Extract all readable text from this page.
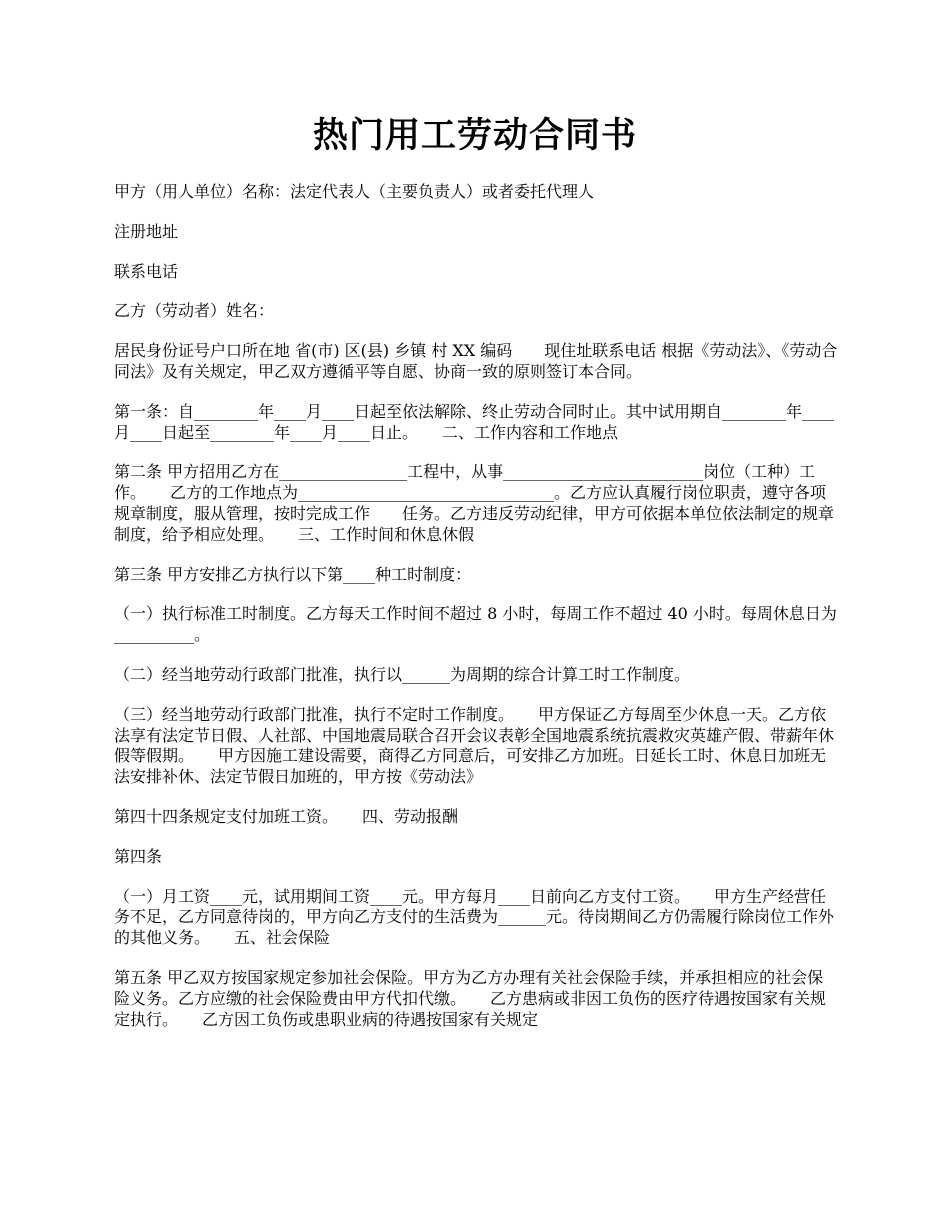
热门用工劳动合同书

甲方（用人单位）名称：法定代表人（主要负责人）或者委托代理人

注册地址

联系电话

乙方（劳动者）姓名：

居民身份证号户口所在地 省(市) 区(县) 乡镇 村 XX 编码　　现住址联系电话 根据《劳动法》、《劳动合同法》及有关规定，甲乙双方遵循平等自愿、协商一致的原则签订本合同。

第一条：自________年____月____日起至依法解除、终止劳动合同时止。其中试用期自________年____月____日起至________年____月____日止。　　二、工作内容和工作地点

第二条 甲方招用乙方在________________工程中，从事_________________________岗位（工种）工作。　　乙方的工作地点为________________________________。乙方应认真履行岗位职责，遵守各项规章制度，服从管理，按时完成工作　　任务。乙方违反劳动纪律，甲方可依据本单位依法制定的规章制度，给予相应处理。　　三、工作时间和休息休假

第三条 甲方安排乙方执行以下第____种工时制度：

（一）执行标准工时制度。乙方每天工作时间不超过 8 小时，每周工作不超过 40 小时。每周休息日为__________。

（二）经当地劳动行政部门批准，执行以______为周期的综合计算工时工作制度。

（三）经当地劳动行政部门批准，执行不定时工作制度。　　甲方保证乙方每周至少休息一天。乙方依法享有法定节日假、人社部、中国地震局联合召开会议表彰全国地震系统抗震救灾英雄产假、带薪年休假等假期。　　甲方因施工建设需要，商得乙方同意后，可安排乙方加班。日延长工时、休息日加班无法安排补休、法定节假日加班的，甲方按《劳动法》

第四十四条规定支付加班工资。　　四、劳动报酬

第四条

（一）月工资____元，试用期间工资____元。甲方每月____日前向乙方支付工资。　　甲方生产经营任务不足，乙方同意待岗的，甲方向乙方支付的生活费为______元。待岗期间乙方仍需履行除岗位工作外的其他义务。　　五、社会保险

第五条 甲乙双方按国家规定参加社会保险。甲方为乙方办理有关社会保险手续，并承担相应的社会保险义务。乙方应缴的社会保险费由甲方代扣代缴。　　乙方患病或非因工负伤的医疗待遇按国家有关规定执行。　　乙方因工负伤或患职业病的待遇按国家有关规定
